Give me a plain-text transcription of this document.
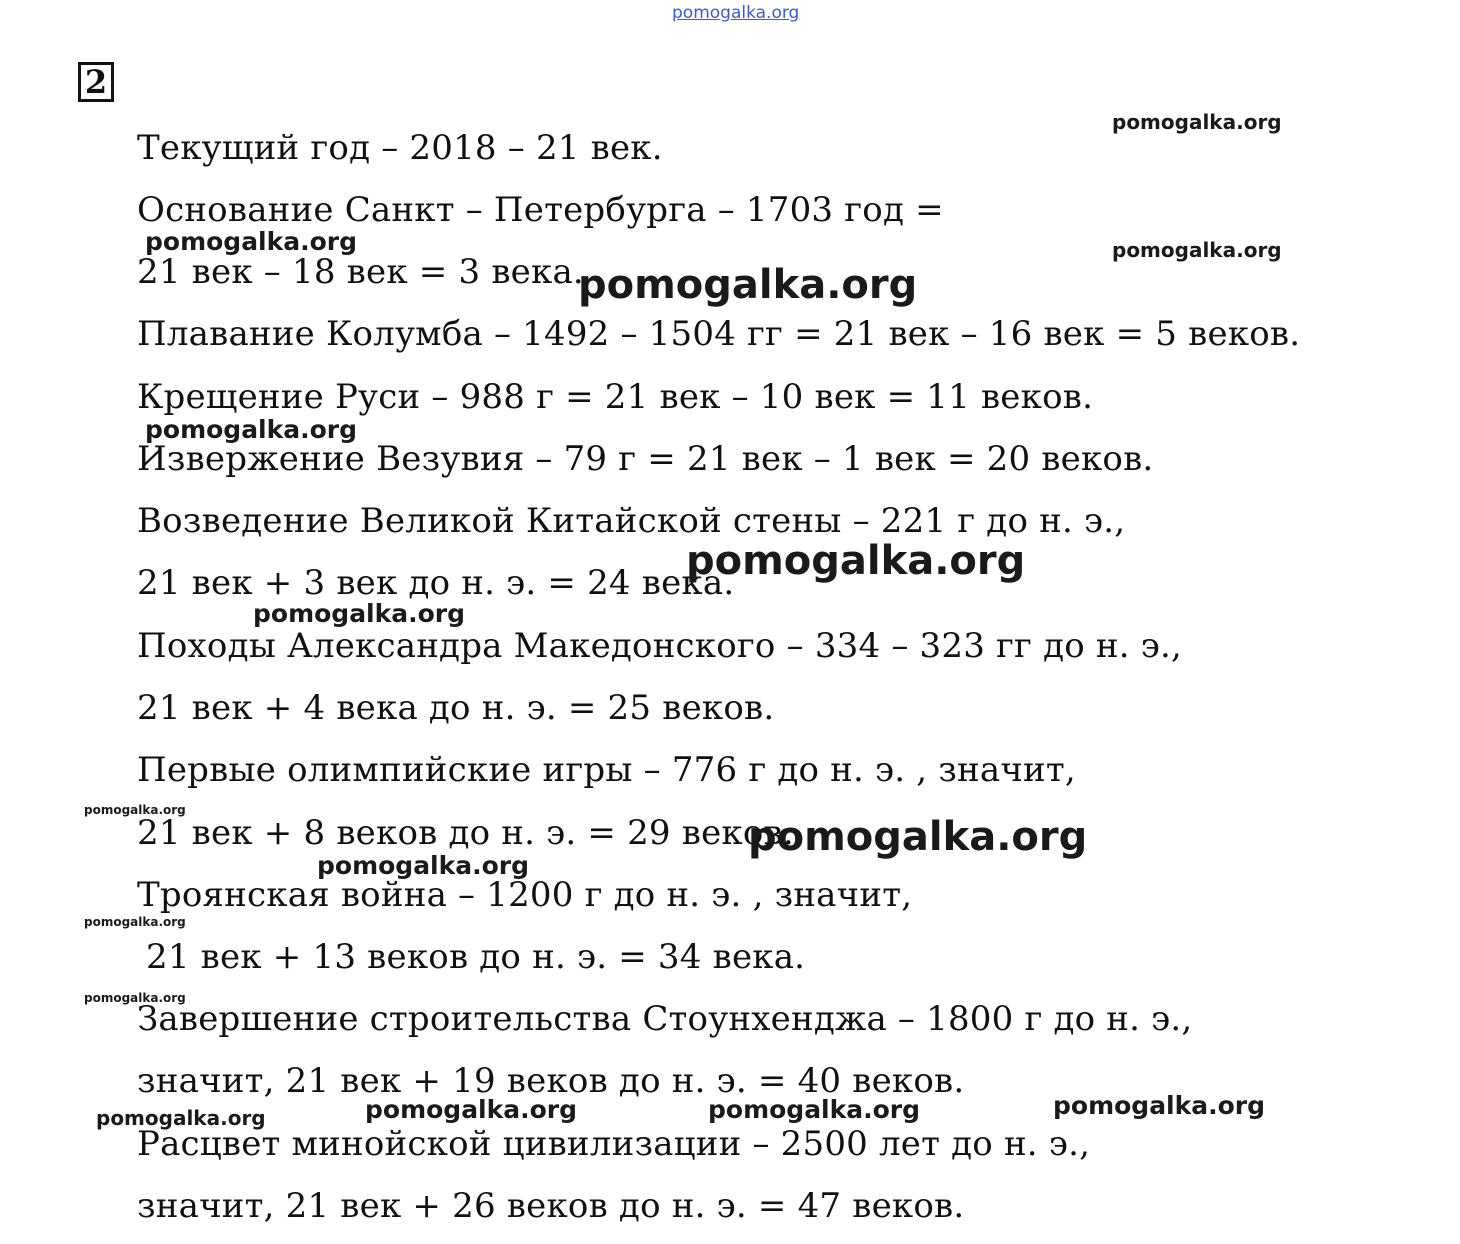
pomogalka.org
2
Текущий год – 2018 – 21 век.
Основание Санкт – Петербурга – 1703 год =
21 век – 18 век = 3 века.
Плавание Колумба – 1492 – 1504 гг = 21 век – 16 век = 5 веков.
Крещение Руси – 988 г = 21 век – 10 век = 11 веков.
Извержение Везувия – 79 г = 21 век – 1 век = 20 веков.
Возведение Великой Китайской стены – 221 г до н. э.,
21 век + 3 век до н. э. = 24 века.
Походы Александра Македонского – 334 – 323 гг до н. э.,
21 век + 4 века до н. э. = 25 веков.
Первые олимпийские игры – 776 г до н. э. , значит,
21 век + 8 веков до н. э. = 29 веков.
Троянская война – 1200 г до н. э. , значит,
21 век + 13 веков до н. э. = 34 века.
Завершение строительства Стоунхенджа – 1800 г до н. э.,
значит, 21 век + 19 веков до н. э. = 40 веков.
Расцвет минойской цивилизации – 2500 лет до н. э.,
значит, 21 век + 26 веков до н. э. = 47 веков.
pomogalka.org
pomogalka.org	pomogalka.org
pomogalka.org
pomogalka.org
pomogalka.org
pomogalka.org
pomogalka.org
pomogalka.org
pomogalka.org
pomogalka.org
pomogalka.org
pomogalka.org	pomogalka.org	pomogalka.org	pomogalka.org
